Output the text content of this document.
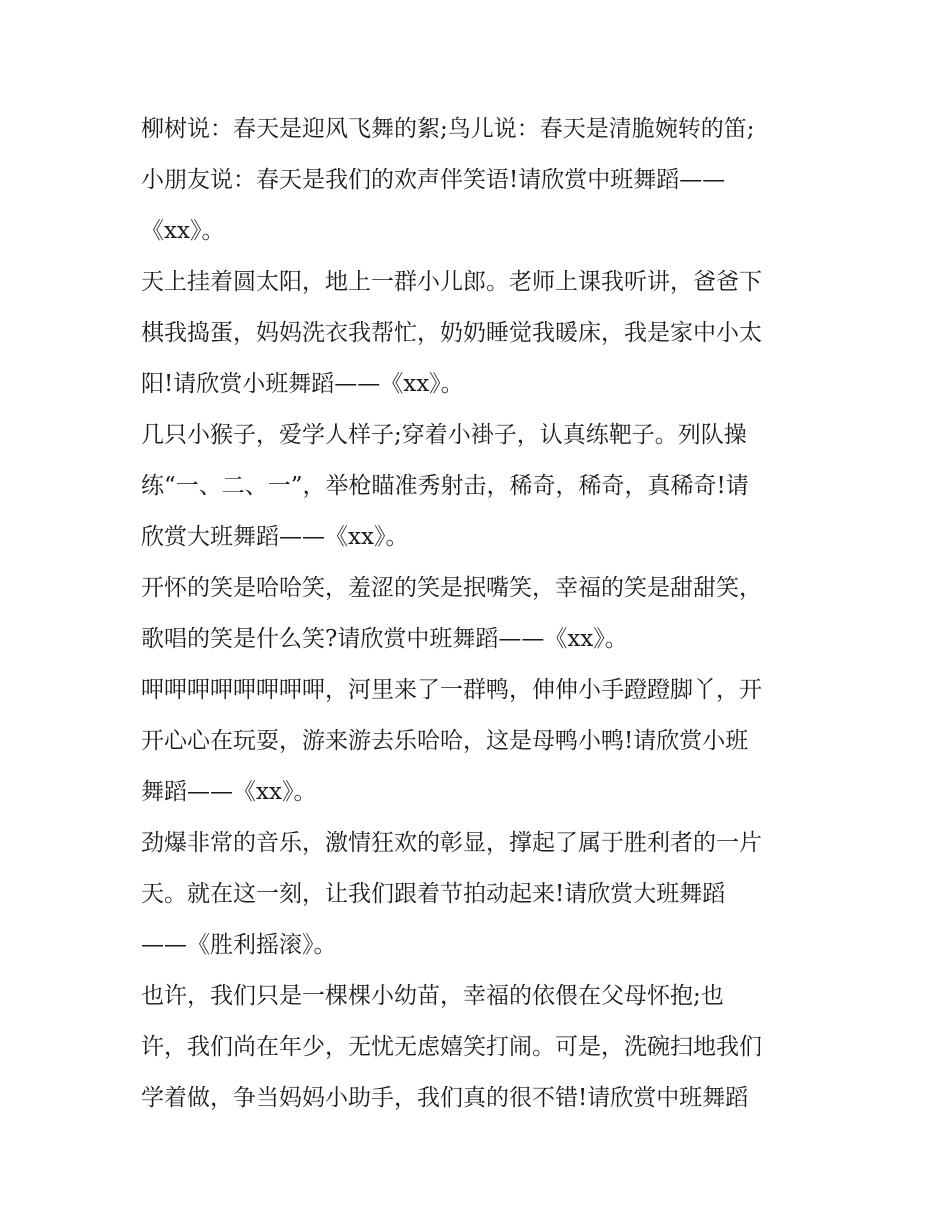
柳树说：春天是迎风飞舞的絮;鸟儿说：春天是清脆婉转的笛;
小朋友说：春天是我们的欢声伴笑语!请欣赏中班舞蹈——
《xx》。
天上挂着圆太阳，地上一群小儿郎。老师上课我听讲，爸爸下
棋我捣蛋，妈妈洗衣我帮忙，奶奶睡觉我暖床，我是家中小太
阳!请欣赏小班舞蹈——《xx》。
几只小猴子，爱学人样子;穿着小褂子，认真练靶子。列队操
练“一、二、一”，举枪瞄准秀射击，稀奇，稀奇，真稀奇!请
欣赏大班舞蹈——《xx》。
开怀的笑是哈哈笑，羞涩的笑是抿嘴笑，幸福的笑是甜甜笑，
歌唱的笑是什么笑?请欣赏中班舞蹈——《xx》。
呷呷呷呷呷呷呷呷，河里来了一群鸭，伸伸小手蹬蹬脚丫，开
开心心在玩耍，游来游去乐哈哈，这是母鸭小鸭!请欣赏小班
舞蹈——《xx》。
劲爆非常的音乐，激情狂欢的彰显，撑起了属于胜利者的一片
天。就在这一刻，让我们跟着节拍动起来!请欣赏大班舞蹈
——《胜利摇滚》。
也许，我们只是一棵棵小幼苗，幸福的依偎在父母怀抱;也
许，我们尚在年少，无忧无虑嬉笑打闹。可是，洗碗扫地我们
学着做，争当妈妈小助手，我们真的很不错!请欣赏中班舞蹈
